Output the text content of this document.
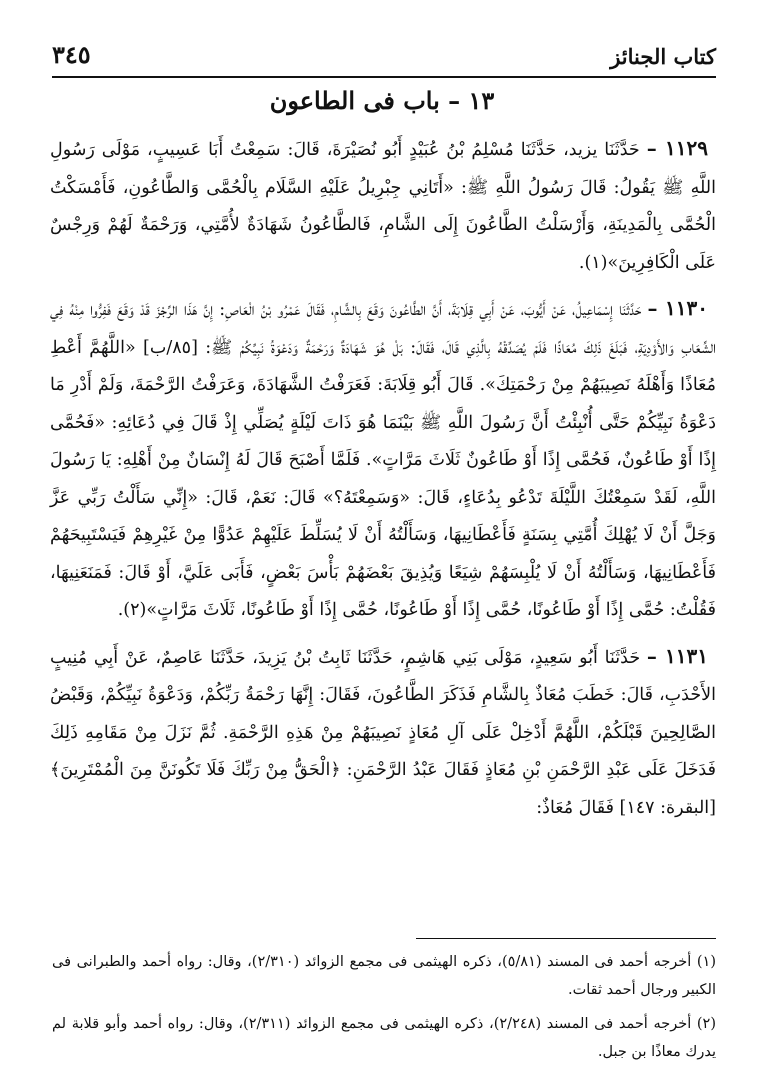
كتاب الجنائز
٣٤٥
١٣ – باب فى الطاعون

١١٢٩ – حَدَّثَنَا يزيد، حَدَّثَنَا مُسْلِمُ بْنُ عُبَيْدٍ أَبُو نُصَيْرَةَ، قَالَ: سَمِعْتُ أَبَا عَسِيبٍ، مَوْلَى رَسُولِ اللَّهِ ﷺ يَقُولُ: قَالَ رَسُولُ اللَّهِ ﷺ: «أَتَانِي جِبْرِيلُ عَلَيْهِ السَّلَام بِالْحُمَّى وَالطَّاعُونِ، فَأَمْسَكْتُ الْحُمَّى بِالْمَدِينَةِ، وَأَرْسَلْتُ الطَّاعُونَ إِلَى الشَّامِ، فَالطَّاعُونُ شَهَادَةٌ لأُمَّتِي، وَرَحْمَةٌ لَهُمْ وَرِجْسٌ عَلَى الْكَافِرِينَ»(١).

١١٣٠ – حَدَّثَنَا إِسْمَاعِيلُ، عَنْ أَيُّوبَ، عَنْ أَبِي قِلَابَةَ، أَنَّ الطَّاعُونَ وَقَعَ بِالشَّامِ، فَقَالَ عَمْرُو بْنُ الْعَاصِ: إِنَّ هَذَا الرِّجْزَ قَدْ وَقَعَ فَفِرُّوا مِنْهُ فِي الشِّعَابِ وَالأَوْدِيَةِ، فَبَلَغَ ذَلِكَ مُعَاذًا فَلَمْ يُصَدِّقْهُ بِالَّذِي قَالَ، فَقَالَ: بَلْ هُوَ شَهَادَةٌ وَرَحْمَةٌ وَدَعْوَةُ نَبِيِّكُمْ ﷺ: [٨٥/ب] «اللَّهُمَّ أَعْطِ مُعَاذًا وَأَهْلَهُ نَصِيبَهُمْ مِنْ رَحْمَتِكَ». قَالَ أَبُو قِلَابَةَ: فَعَرَفْتُ الشَّهَادَةَ، وَعَرَفْتُ الرَّحْمَةَ، وَلَمْ أَدْرِ مَا دَعْوَةُ نَبِيِّكُمْ حَتَّى أُنْبِئْتُ أَنَّ رَسُولَ اللَّهِ ﷺ بَيْنَمَا هُوَ ذَاتَ لَيْلَةٍ يُصَلِّي إِذْ قَالَ فِي دُعَائِهِ: «فَحُمَّى إِذًا أَوْ طَاعُونٌ، فَحُمَّى إِذًا أَوْ طَاعُونٌ ثَلَاثَ مَرَّاتٍ». فَلَمَّا أَصْبَحَ قَالَ لَهُ إِنْسَانٌ مِنْ أَهْلِهِ: يَا رَسُولَ اللَّهِ، لَقَدْ سَمِعْتُكَ اللَّيْلَةَ تَدْعُو بِدُعَاءٍ، قَالَ: «وَسَمِعْتَهُ؟» قَالَ: نَعَمْ، قَالَ: «إِنِّي سَأَلْتُ رَبِّي عَزَّ وَجَلَّ أَنْ لَا يُهْلِكَ أُمَّتِي بِسَنَةٍ فَأَعْطَانِيهَا، وَسَأَلْتُهُ أَنْ لَا يُسَلِّطَ عَلَيْهِمْ عَدُوًّا مِنْ غَيْرِهِمْ فَيَسْتَبِيحَهُمْ فَأَعْطَانِيهَا، وَسَأَلْتُهُ أَنْ لَا يُلْبِسَهُمْ شِيَعًا وَيُذِيقَ بَعْضَهُمْ بَأْسَ بَعْضٍ، فَأَبَى عَلَيَّ، أَوْ قَالَ: فَمَنَعَنِيهَا، فَقُلْتُ: حُمَّى إِذًا أَوْ طَاعُونًا، حُمَّى إِذًا أَوْ طَاعُونًا، حُمَّى إِذًا أَوْ طَاعُونًا، ثَلَاثَ مَرَّاتٍ»(٢).

١١٣١ – حَدَّثَنَا أَبُو سَعِيدٍ، مَوْلَى بَنِي هَاشِمٍ، حَدَّثَنَا ثَابِتُ بْنُ يَزِيدَ، حَدَّثَنَا عَاصِمٌ، عَنْ أَبِي مُنِيبٍ الأَحْدَبِ، قَالَ: خَطَبَ مُعَاذٌ بِالشَّامِ فَذَكَرَ الطَّاعُونَ، فَقَالَ: إِنَّهَا رَحْمَةُ رَبِّكُمْ، وَدَعْوَةُ نَبِيِّكُمْ، وَقَبْضُ الصَّالِحِينَ قَبْلَكُمْ، اللَّهُمَّ أَدْخِلْ عَلَى آلِ مُعَاذٍ نَصِيبَهُمْ مِنْ هَذِهِ الرَّحْمَةِ. ثُمَّ نَزَلَ مِنْ مَقَامِهِ ذَلِكَ فَدَخَلَ عَلَى عَبْدِ الرَّحْمَنِ بْنِ مُعَاذٍ فَقَالَ عَبْدُ الرَّحْمَنِ: ﴿الْحَقُّ مِنْ رَبِّكَ فَلَا تَكُونَنَّ مِنَ الْمُمْتَرِينَ﴾ [البقرة: ١٤٧] فَقَالَ مُعَاذٌ:

(١) أخرجه أحمد فى المسند (٥/٨١)، ذكره الهيثمى فى مجمع الزوائد (٢/٣١٠)، وقال: رواه أحمد والطبرانى فى الكبير ورجال أحمد ثقات.

(٢) أخرجه أحمد فى المسند (٢/٢٤٨)، ذكره الهيثمى فى مجمع الزوائد (٢/٣١١)، وقال: رواه أحمد وأبو قلابة لم يدرك معاذًا بن جبل.
